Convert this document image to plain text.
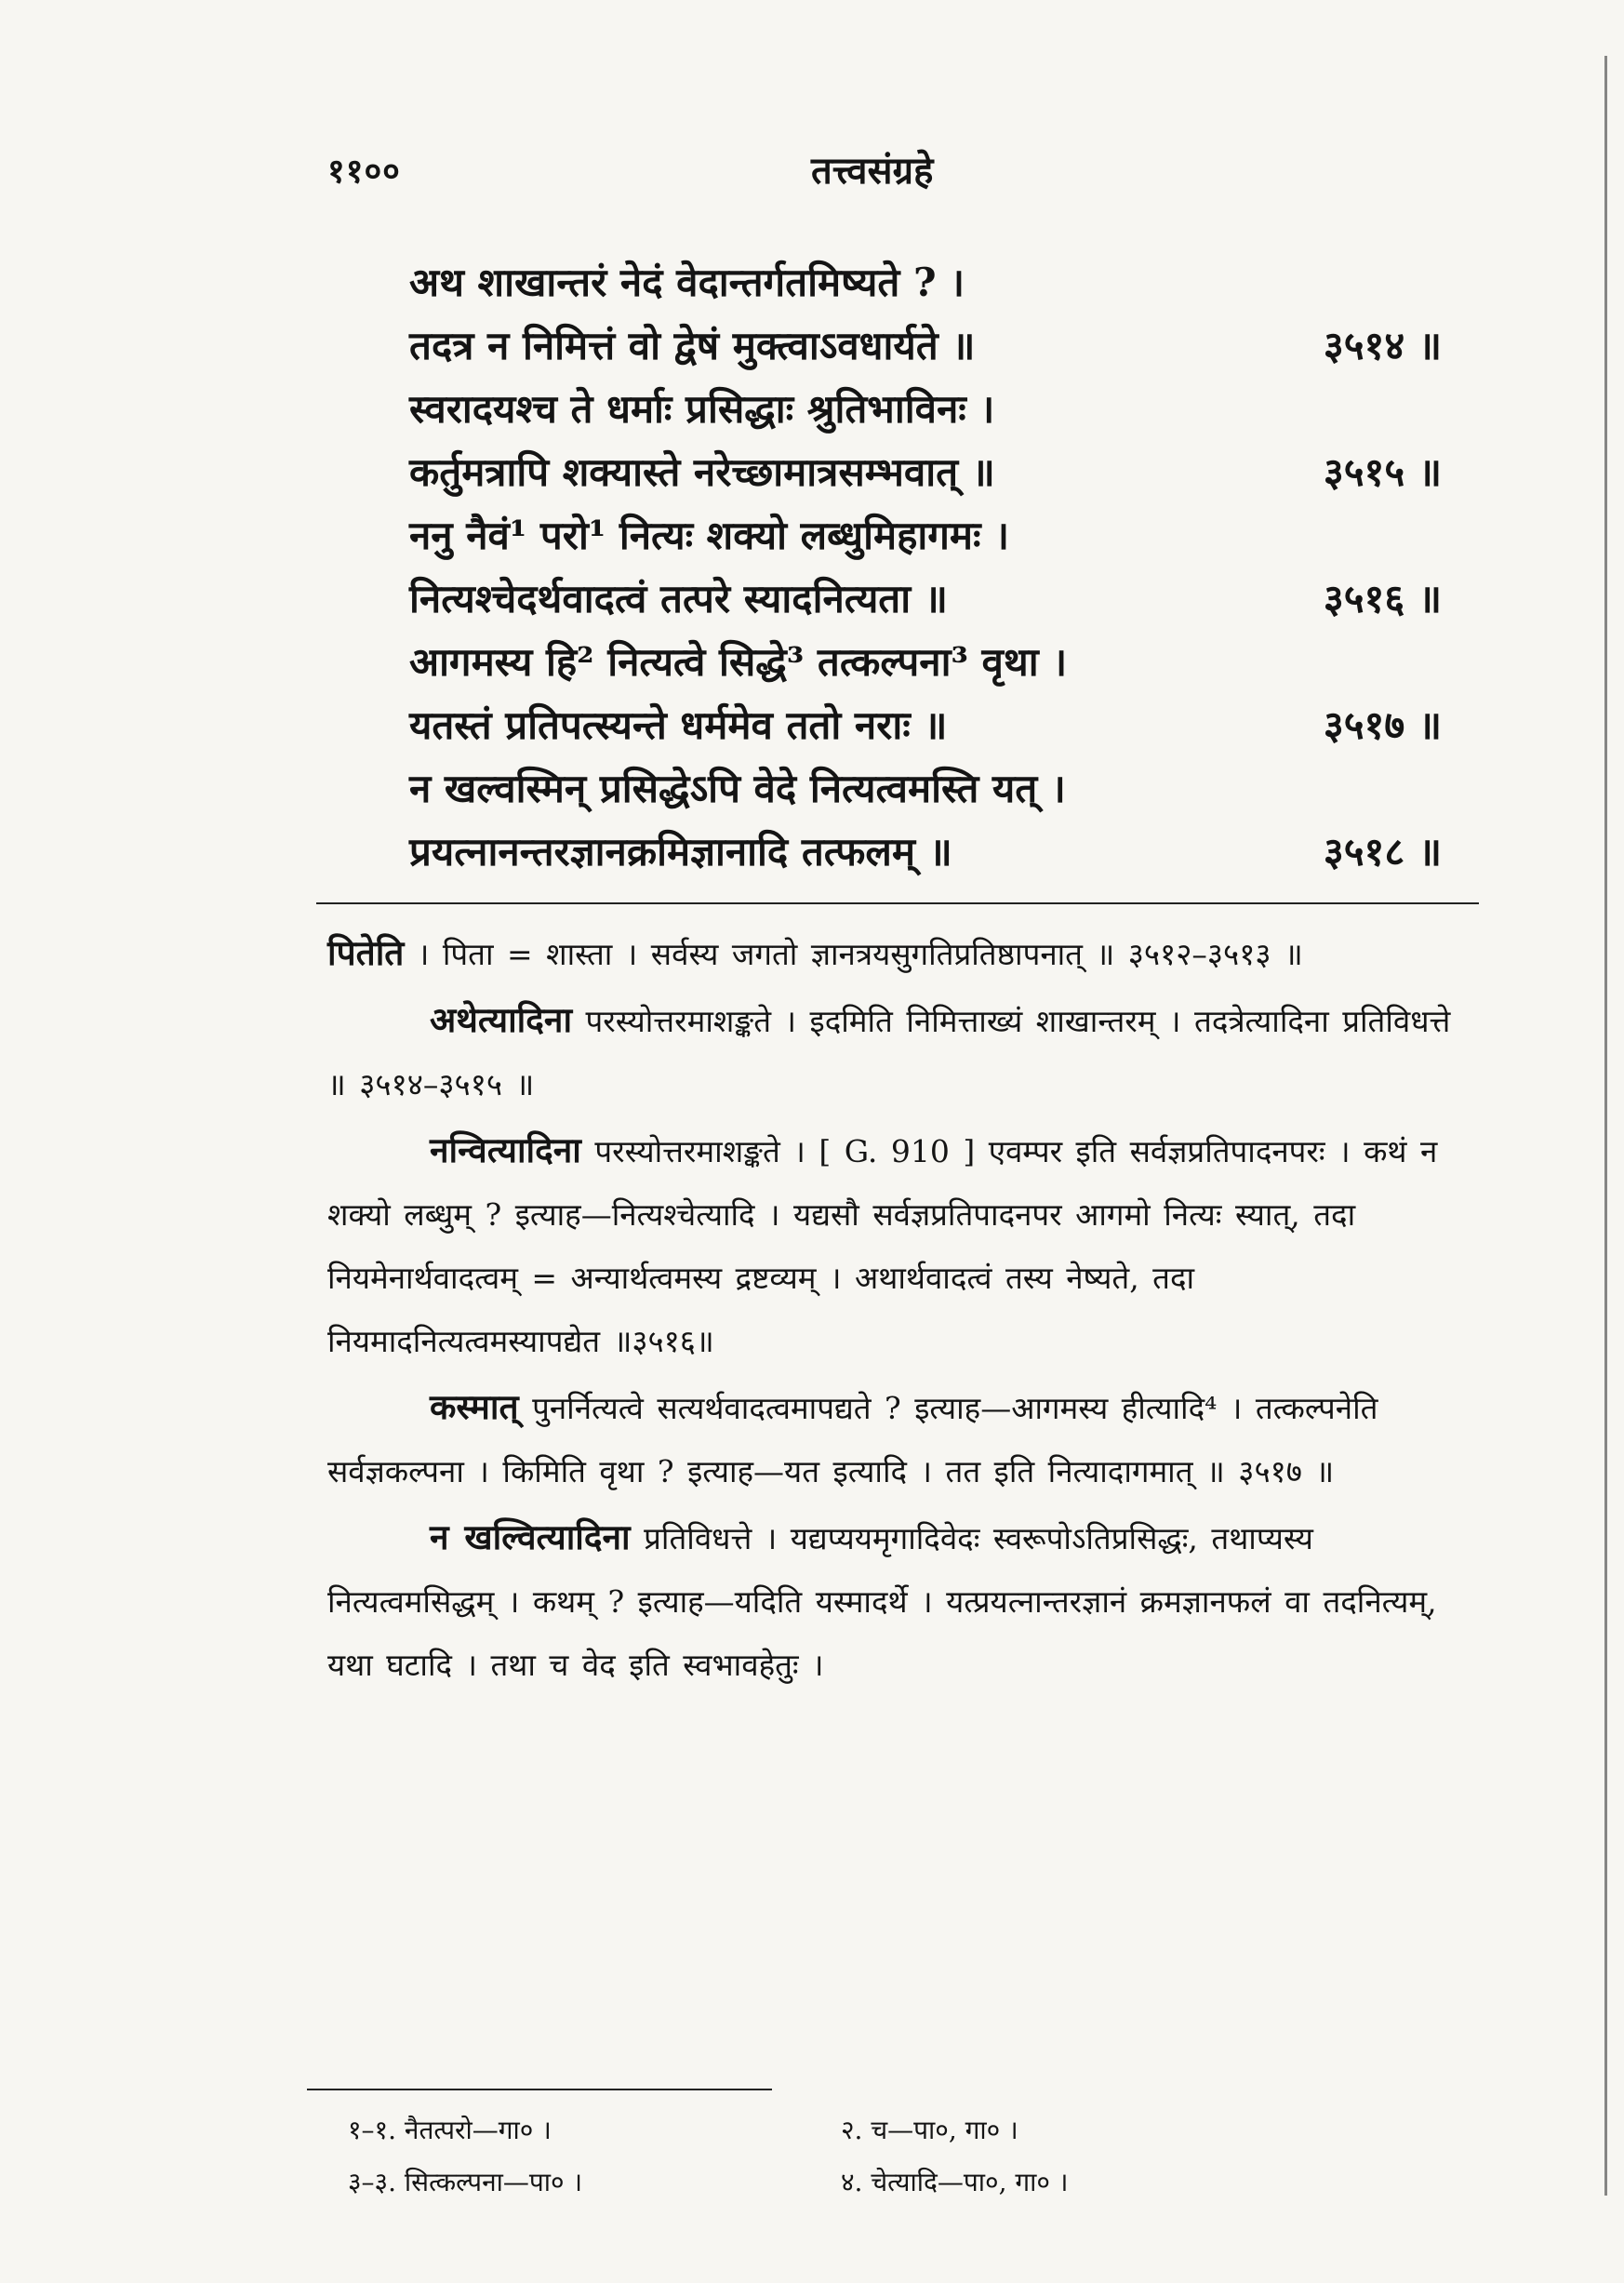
११००	तत्त्वसंग्रहे
अथ शाखान्तरं नेदं वेदान्तर्गतमिष्यते ? ।
तदत्र न निमित्तं वो द्वेषं मुक्त्वाऽवधार्यते ॥	३५१४ ॥
स्वरादयश्च ते धर्माः प्रसिद्धाः श्रुतिभाविनः ।
कर्तुमत्रापि शक्यास्ते नरेच्छामात्रसम्भवात् ॥	३५१५ ॥
ननु नैवं¹ परो¹ नित्यः शक्यो लब्धुमिहागमः ।
नित्यश्चेदर्थवादत्वं तत्परे स्यादनित्यता ॥	३५१६ ॥
आगमस्य हि² नित्यत्वे सिद्धे³ तत्कल्पना³ वृथा ।
यतस्तं प्रतिपत्स्यन्ते धर्ममेव ततो नराः ॥	३५१७ ॥
न खल्वस्मिन् प्रसिद्धेऽपि वेदे नित्यत्वमस्ति यत् ।
प्रयत्नानन्तरज्ञानक्रमिज्ञानादि तत्फलम् ॥	३५१८ ॥

पितेति । पिता = शास्ता । सर्वस्य जगतो ज्ञानत्रयसुगतिप्रतिष्ठापनात् ॥ ३५१२–३५१३ ॥

अथेत्यादिना परस्योत्तरमाशङ्कते । इदमिति निमित्ताख्यं शाखान्तरम् । तदत्रेत्यादिना प्रतिविधत्ते ॥ ३५१४–३५१५ ॥

नन्वित्यादिना परस्योत्तरमाशङ्कते । [ G. 910 ] एवम्पर इति सर्वज्ञप्रतिपादनपरः । कथं न शक्यो लब्धुम् ? इत्याह—नित्यश्चेत्यादि । यद्यसौ सर्वज्ञप्रतिपादनपर आगमो नित्यः स्यात्, तदा नियमेनार्थवादत्वम् = अन्यार्थत्वमस्य द्रष्टव्यम् । अथार्थवादत्वं तस्य नेष्यते, तदा नियमादनित्यत्वमस्यापद्येत ॥३५१६॥

कस्मात् पुनर्नित्यत्वे सत्यर्थवादत्वमापद्यते ? इत्याह—आगमस्य हीत्यादि⁴ । तत्कल्पनेति सर्वज्ञकल्पना । किमिति वृथा ? इत्याह—यत इत्यादि । तत इति नित्यादागमात् ॥ ३५१७ ॥

न खल्वित्यादिना प्रतिविधत्ते । यद्यप्ययमृगादिवेदः स्वरूपोऽतिप्रसिद्धः, तथाप्यस्य नित्यत्वमसिद्धम् । कथम् ? इत्याह—यदिति यस्मादर्थे । यत्प्रयत्नान्तरज्ञानं क्रमज्ञानफलं वा तदनित्यम्, यथा घटादि । तथा च वेद इति स्वभावहेतुः ।

१–१. नैतत्परो—गा० ।	२. च—पा०, गा० ।
३–३. सित्कल्पना—पा० ।	४. चेत्यादि—पा०, गा० ।
